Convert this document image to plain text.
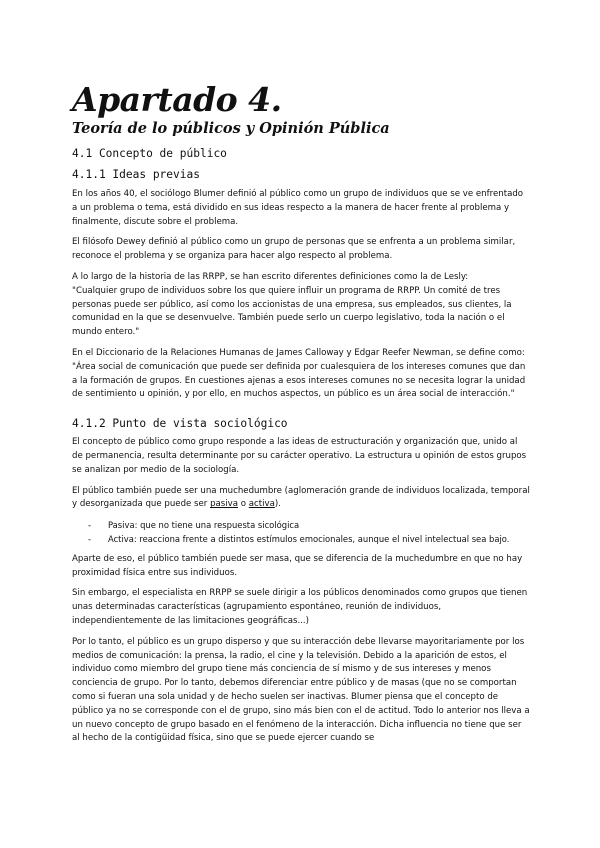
Apartado 4.
Teoría de lo públicos y Opinión Pública
4.1 Concepto de público
4.1.1 Ideas previas

En los años 40, el sociólogo Blumer definió al público como un grupo de individuos que se ve enfrentado a un problema o tema, está dividido en sus ideas respecto a la manera de hacer frente al problema y finalmente, discute sobre el problema.

El filósofo Dewey definió al público como un grupo de personas que se enfrenta a un problema similar, reconoce el problema y se organiza para hacer algo respecto al problema.

A lo largo de la historia de las RRPP, se han escrito diferentes definiciones como la de Lesly:

"Cualquier grupo de individuos sobre los que quiere influir un programa de RRPP. Un comité de tres personas puede ser público, así como los accionistas de una empresa, sus empleados, sus clientes, la comunidad en la que se desenvuelve. También puede serlo un cuerpo legislativo, toda la nación o el mundo entero."

En el Diccionario de la Relaciones Humanas de James Calloway y Edgar Reefer Newman, se define como: "Área social de comunicación que puede ser definida por cualesquiera de los intereses comunes que dan a la formación de grupos. En cuestiones ajenas a esos intereses comunes no se necesita lograr la unidad de sentimiento u opinión, y por ello, en muchos aspectos, un público es un área social de interacción."

4.1.2 Punto de vista sociológico

El concepto de público como grupo responde a las ideas de estructuración y organización que, unido al de permanencia, resulta determinante por su carácter operativo. La estructura u opinión de estos grupos se analizan por medio de la sociología.

El público también puede ser una muchedumbre (aglomeración grande de individuos localizada, temporal y desorganizada que puede ser pasiva o activa).

- Pasiva: que no tiene una respuesta sicológica
- Activa: reacciona frente a distintos estímulos emocionales, aunque el nivel intelectual sea bajo.

Aparte de eso, el público también puede ser masa, que se diferencia de la muchedumbre en que no hay proximidad física entre sus individuos.

Sin embargo, el especialista en RRPP se suele dirigir a los públicos denominados como grupos que tienen unas determinadas características (agrupamiento espontáneo, reunión de individuos, independientemente de las limitaciones geográficas...)

Por lo tanto, el público es un grupo disperso y que su interacción debe llevarse mayoritariamente por los medios de comunicación: la prensa, la radio, el cine y la televisión. Debido a la aparición de estos, el individuo como miembro del grupo tiene más conciencia de sí mismo y de sus intereses y menos conciencia de grupo. Por lo tanto, debemos diferenciar entre público y de masas (que no se comportan como si fueran una sola unidad y de hecho suelen ser inactivas. Blumer piensa que el concepto de público ya no se corresponde con el de grupo, sino más bien con el de actitud. Todo lo anterior nos lleva a un nuevo concepto de grupo basado en el fenómeno de la interacción. Dicha influencia no tiene que ser al hecho de la contigüidad física, sino que se puede ejercer cuando se
